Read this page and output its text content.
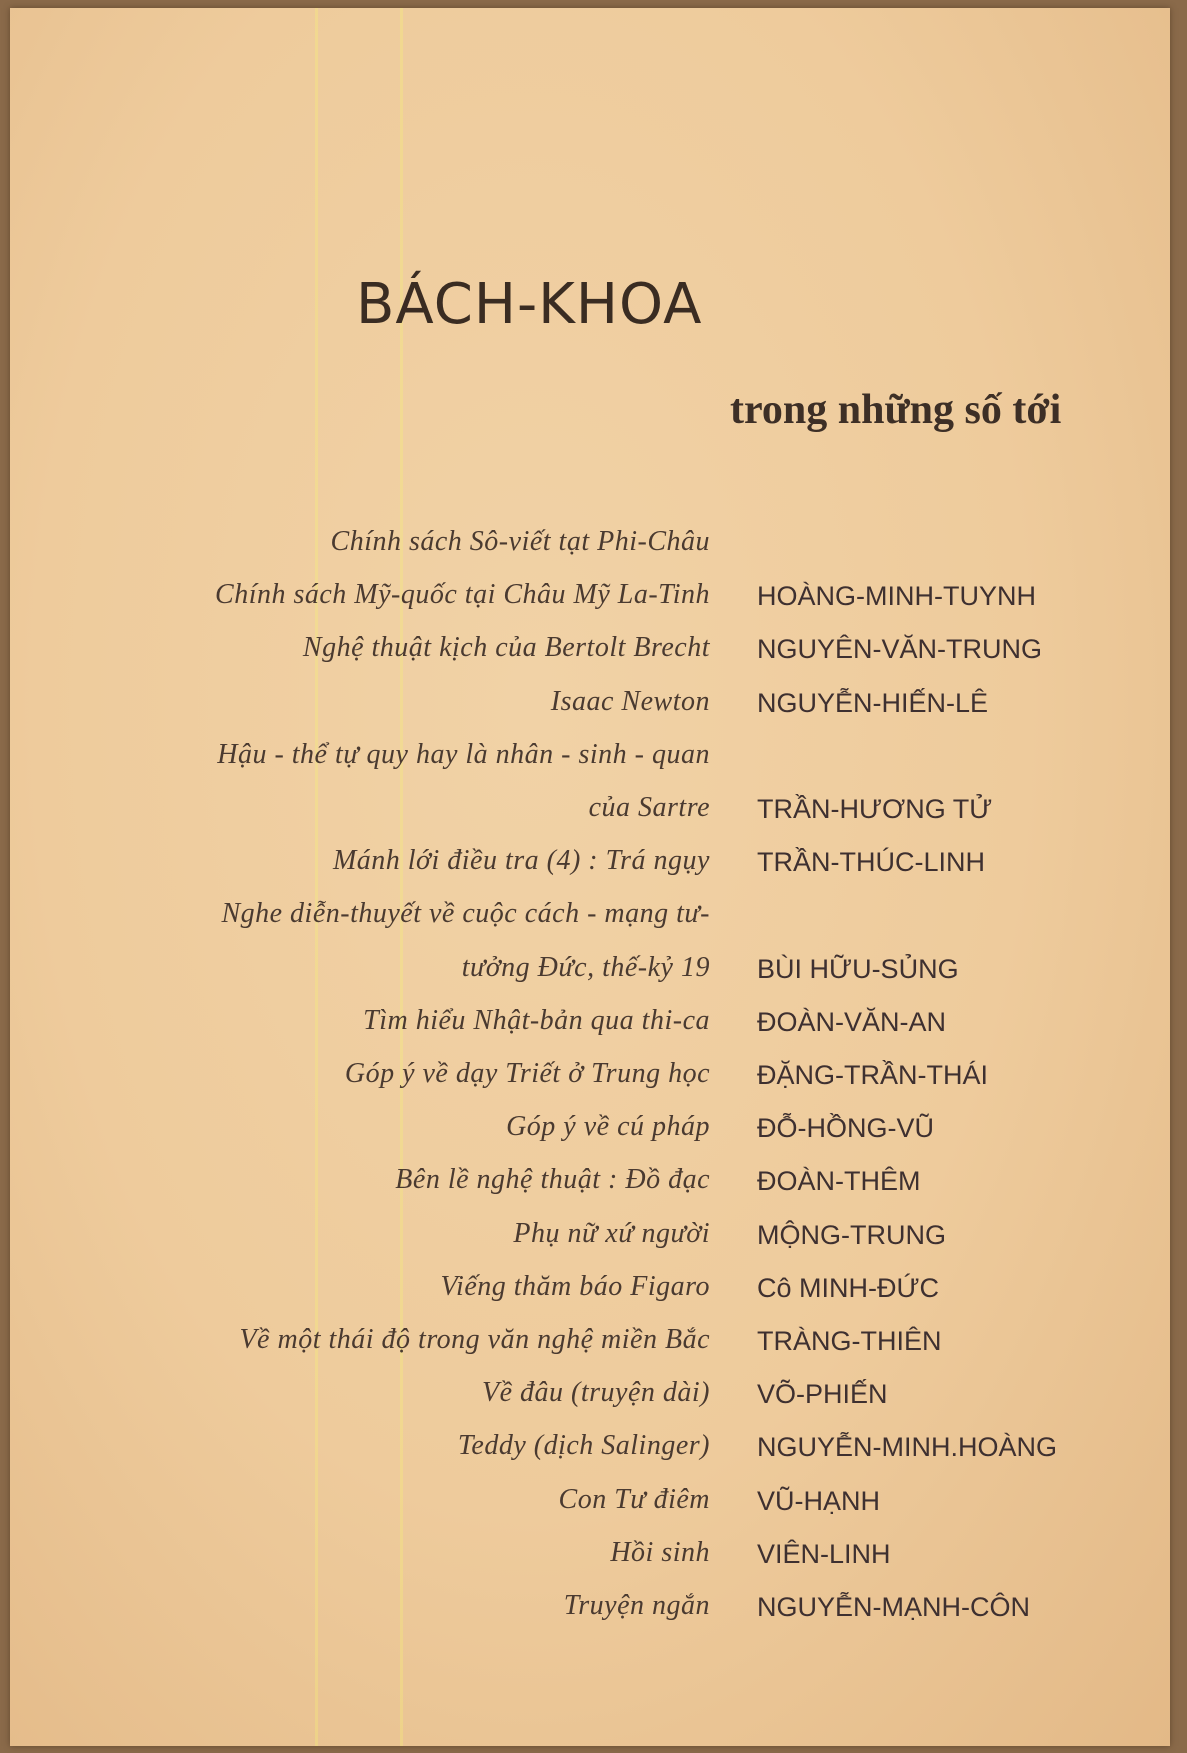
BÁCH-KHOA
trong những số tới
Chính sách Sô-viết tạt Phi-Châu
Chính sách Mỹ-quốc tại Châu Mỹ La-Tinh HOÀNG-MINH-TUYNH
Nghệ thuật kịch của Bertolt Brecht NGUYÊN-VĂN-TRUNG
Isaac Newton NGUYỄN-HIẾN-LÊ
Hậu - thể tự quy hay là nhân - sinh - quan
của Sartre TRẦN-HƯƠNG TỬ
Mánh lới điều tra (4) : Trá ngụy TRẦN-THÚC-LINH
Nghe diễn-thuyết về cuộc cách - mạng tư-
tưởng Đức, thế-kỷ 19 BÙI HỮU-SỦNG
Tìm hiểu Nhật-bản qua thi-ca ĐOÀN-VĂN-AN
Góp ý về dạy Triết ở Trung học ĐẶNG-TRẦN-THÁI
Góp ý về cú pháp ĐỖ-HỒNG-VŨ
Bên lề nghệ thuật : Đồ đạc ĐOÀN-THÊM
Phụ nữ xứ người MỘNG-TRUNG
Viếng thăm báo Figaro Cô MINH-ĐỨC
Về một thái độ trong văn nghệ miền Bắc TRÀNG-THIÊN
Về đâu (truyện dài) VÕ-PHIẾN
Teddy (dịch Salinger) NGUYỄN-MINH.HOÀNG
Con Tư điêm VŨ-HẠNH
Hồi sinh VIÊN-LINH
Truyện ngắn NGUYỄN-MẠNH-CÔN
